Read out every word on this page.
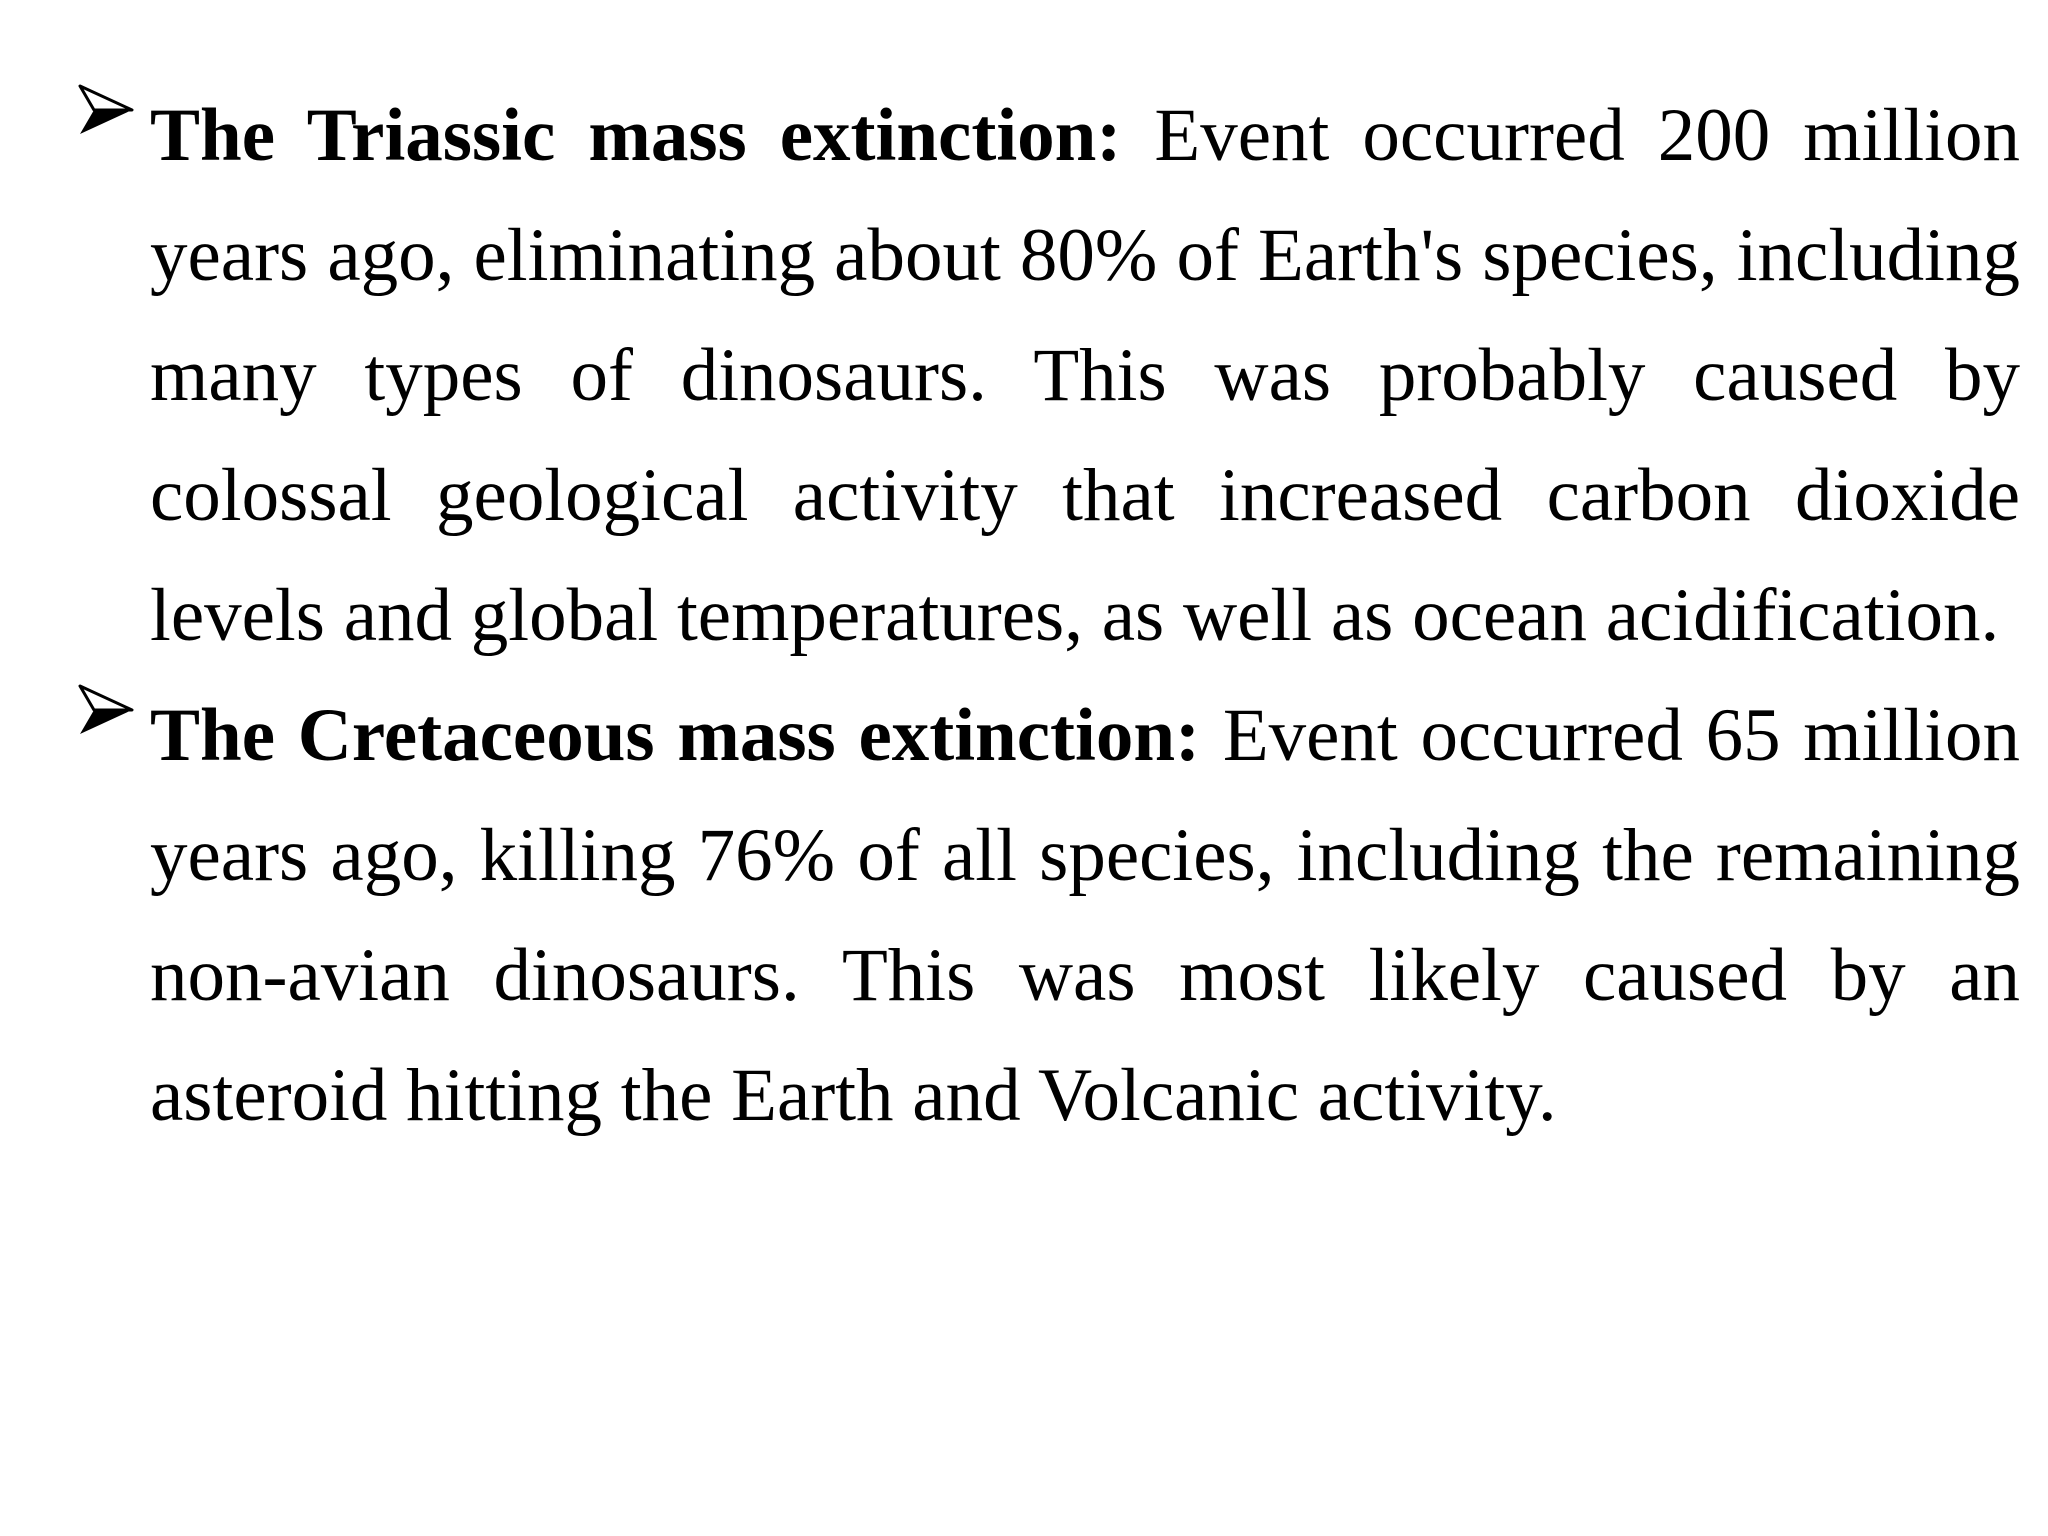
The Triassic mass extinction: Event occurred 200 million years ago, eliminating about 80% of Earth's species, including many types of dinosaurs. This was probably caused by colossal geological activity that increased carbon dioxide levels and global temperatures, as well as ocean acidification.
The Cretaceous mass extinction: Event occurred 65 million years ago, killing 76% of all species, including the remaining non-avian dinosaurs. This was most likely caused by an asteroid hitting the Earth and Volcanic activity.
